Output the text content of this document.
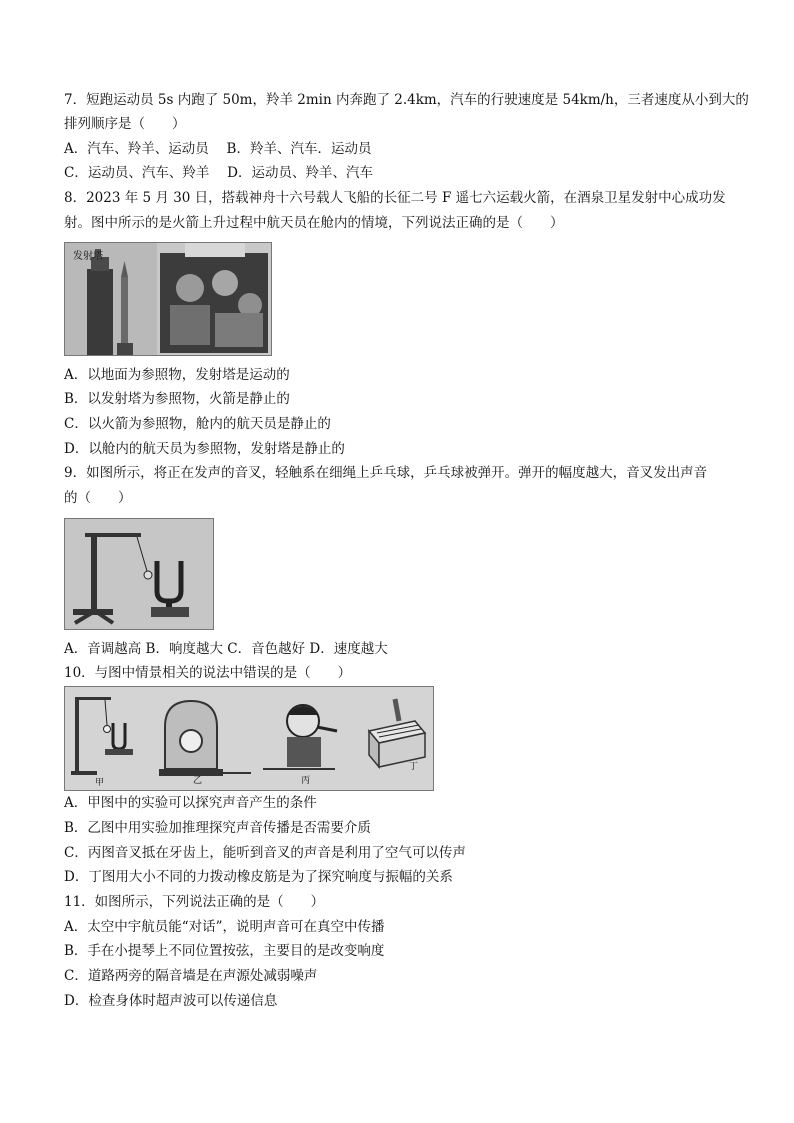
7．短跑运动员 5s 内跑了 50m，羚羊 2min 内奔跑了 2.4km，汽车的行驶速度是 54km/h，三者速度从小到大的
排列顺序是（　　）
A．汽车、羚羊、运动员　 B．羚羊、汽车．运动员
C．运动员、汽车、羚羊　 D．运动员、羚羊、汽车
8．2023 年 5 月 30 日，搭载神舟十六号载人飞船的长征二号 F 遥七六运载火箭，在酒泉卫星发射中心成功发
射。图中所示的是火箭上升过程中航天员在舱内的情境，下列说法正确的是（　　）
发射塔
A．以地面为参照物，发射塔是运动的
B．以发射塔为参照物，火箭是静止的
C．以火箭为参照物，舱内的航天员是静止的
D．以舱内的航天员为参照物，发射塔是静止的
9．如图所示，将正在发声的音叉，轻触系在细绳上乒乓球，乒乓球被弹开。弹开的幅度越大，音叉发出声音
的（　　）
A．音调越高 B．响度越大 C．音色越好 D．速度越大
10．与图中情景相关的说法中错误的是（　　）
甲	乙	丙
丁
A．甲图中的实验可以探究声音产生的条件
B．乙图中用实验加推理探究声音传播是否需要介质
C．丙图音叉抵在牙齿上，能听到音叉的声音是利用了空气可以传声
D．丁图用大小不同的力拨动橡皮筋是为了探究响度与振幅的关系
11．如图所示，下列说法正确的是（　　）
A．太空中宇航员能“对话”，说明声音可在真空中传播
B．手在小提琴上不同位置按弦，主要目的是改变响度
C．道路两旁的隔音墙是在声源处减弱噪声
D．检查身体时超声波可以传递信息
